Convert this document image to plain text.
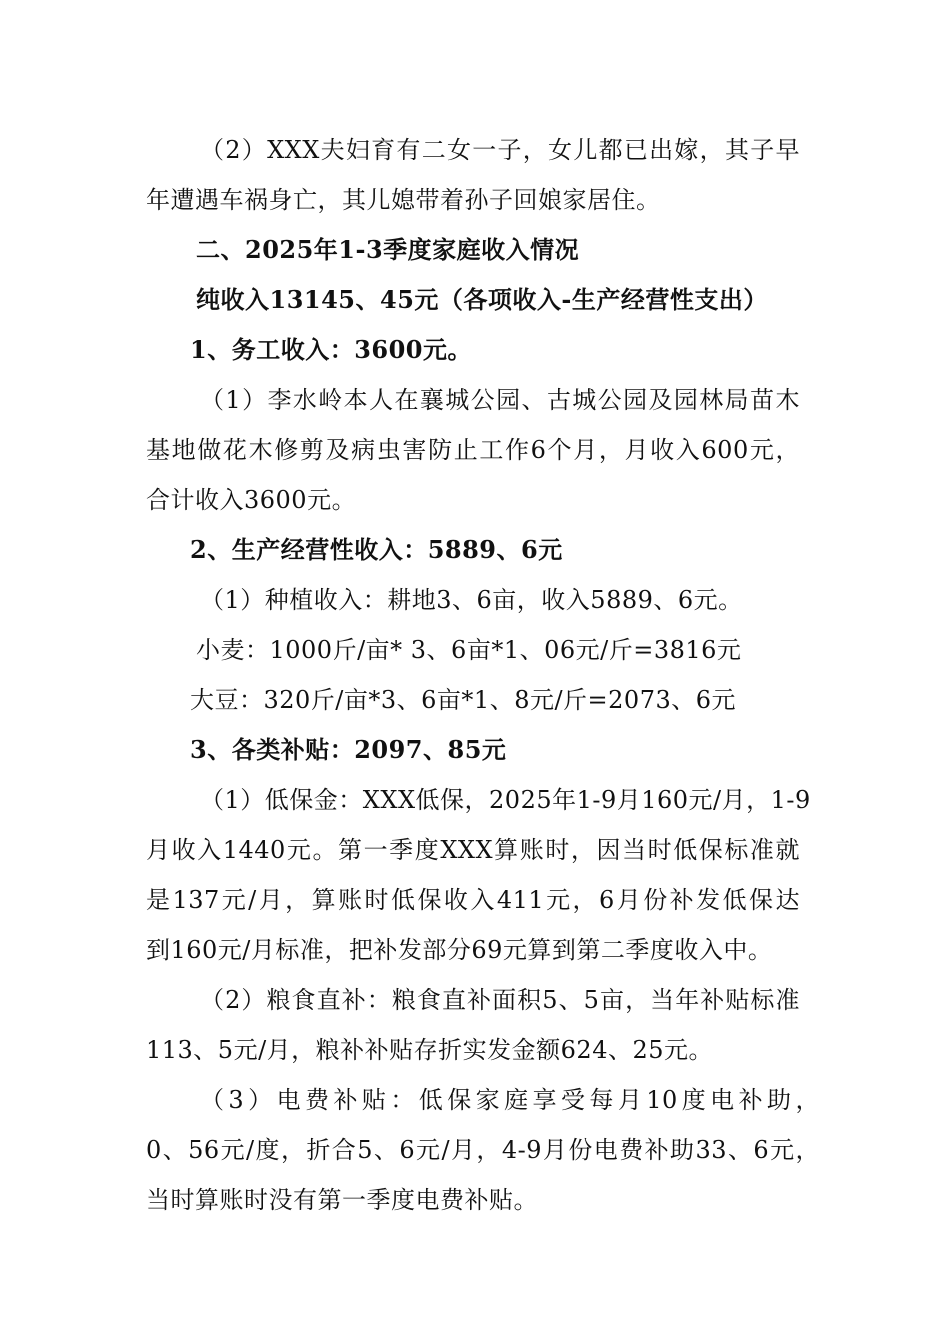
（2）XXX夫妇育有二女一子，女儿都已出嫁，其子早
年遭遇车祸身亡，其儿媳带着孙子回娘家居住。
二、2025年1-3季度家庭收入情况
纯收入13145、45元（各项收入-生产经营性支出）
1、务工收入：3600元。
（1）李水岭本人在襄城公园、古城公园及园林局苗木
基地做花木修剪及病虫害防止工作6个月，月收入600元，
合计收入3600元。
2、生产经营性收入：5889、6元
（1）种植收入：耕地3、6亩，收入5889、6元。
小麦：1000斤/亩* 3、6亩*1、06元/斤=3816元
大豆：320斤/亩*3、6亩*1、8元/斤=2073、6元
3、各类补贴：2097、85元
（1）低保金：XXX低保，2025年1-9月160元/月，1-9
月收入1440元。第一季度XXX算账时，因当时低保标准就
是137元/月，算账时低保收入411元，6月份补发低保达
到160元/月标准，把补发部分69元算到第二季度收入中。
（2）粮食直补：粮食直补面积5、5亩，当年补贴标准
113、5元/月，粮补补贴存折实发金额624、25元。
（3）电费补贴：低保家庭享受每月10度电补助，
0、56元/度，折合5、6元/月，4-9月份电费补助33、6元，
当时算账时没有第一季度电费补贴。
